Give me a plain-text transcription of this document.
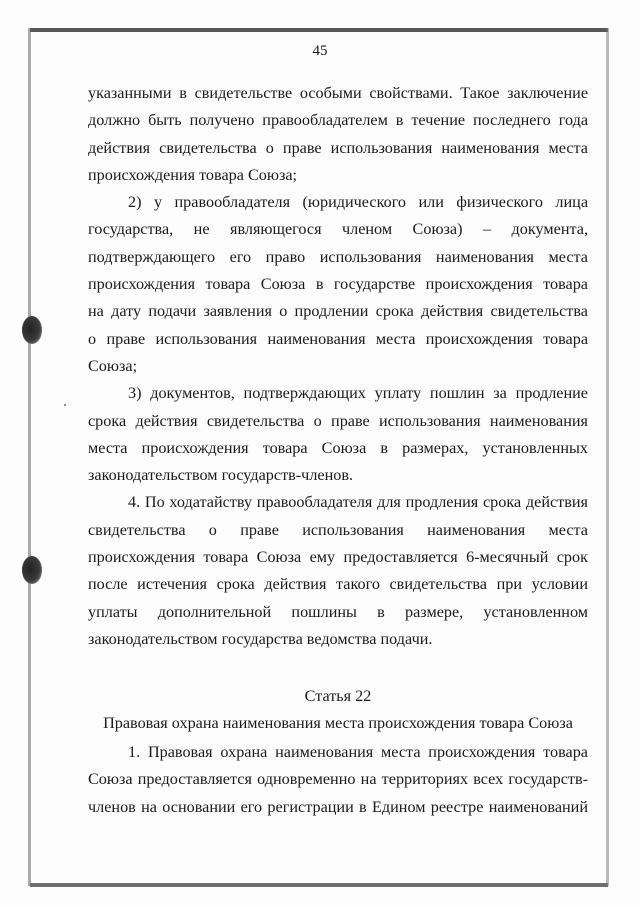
45

указанными в свидетельстве особыми свойствами. Такое заключение
должно быть получено правообладателем в течение последнего года
действия свидетельства о праве использования наименования места
происхождения товара Союза;

2) у правообладателя (юридического или физического лица
государства, не являющегося членом Союза) – документа,
подтверждающего его право использования наименования места
происхождения товара Союза в государстве происхождения товара
на дату подачи заявления о продлении срока действия свидетельства
о праве использования наименования места происхождения товара
Союза;

3) документов, подтверждающих уплату пошлин за продление
срока действия свидетельства о праве использования наименования
места происхождения товара Союза в размерах, установленных
законодательством государств-членов.

4. По ходатайству правообладателя для продления срока действия
свидетельства о праве использования наименования места
происхождения товара Союза ему предоставляется 6-месячный срок
после истечения срока действия такого свидетельства при условии
уплаты дополнительной пошлины в размере, установленном
законодательством государства ведомства подачи.

Статья 22
Правовая охрана наименования места происхождения товара Союза
1. Правовая охрана наименования места происхождения товара
Союза предоставляется одновременно на территориях всех государств-
членов на основании его регистрации в Едином реестре наименований
